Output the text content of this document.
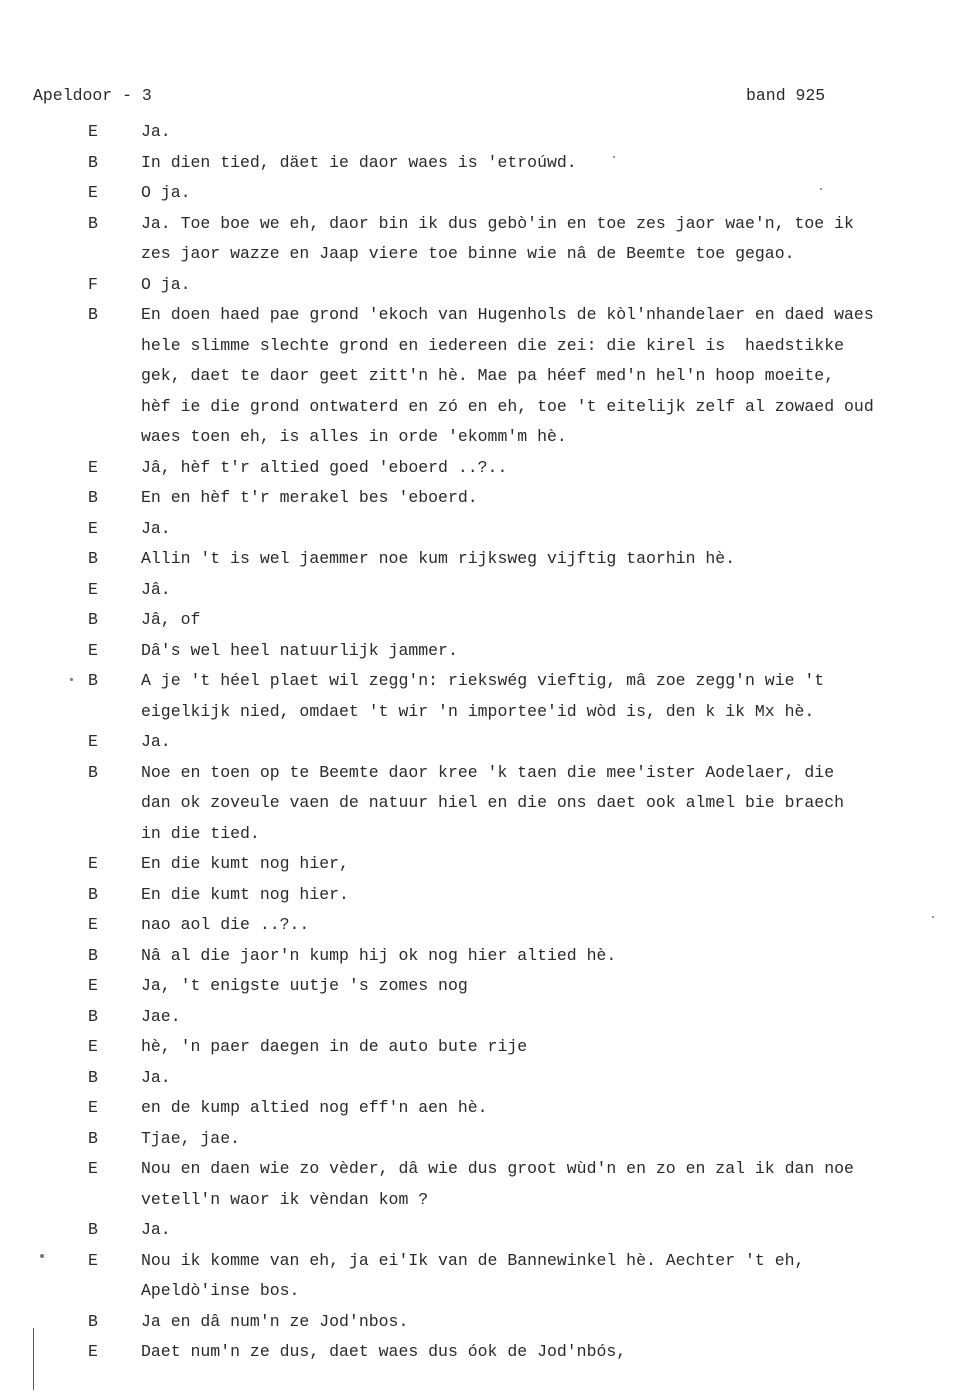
Apeldoor - 3	band 925
E	Ja.
B	In dien tied, däet ie daor waes is 'etroúwd.
E	O ja.
B	Ja. Toe boe we eh, daor bin ik dus gebò'in en toe zes jaor wae'n, toe ik
zes jaor wazze en Jaap viere toe binne wie nâ de Beemte toe gegao.
F	O ja.
B	En doen haed pae grond 'ekoch van Hugenhols de kòl'nhandelaer en daed waes
hele slimme slechte grond en iedereen die zei: die kirel is  haedstikke
gek, daet te daor geet zitt'n hè. Mae pa héef med'n hel'n hoop moeite,
hèf ie die grond ontwaterd en zó en eh, toe 't eitelijk zelf al zowaed oud
waes toen eh, is alles in orde 'ekomm'm hè.
E	Jâ, hèf t'r altied goed 'eboerd ..?..
B	En en hèf t'r merakel bes 'eboerd.
E	Ja.
B	Allin 't is wel jaemmer noe kum rijksweg vijftig taorhin hè.
E	Jâ.
B	Jâ, of
E	Dâ's wel heel natuurlijk jammer.
B	A je 't héel plaet wil zegg'n: riekswég vieftig, mâ zoe zegg'n wie 't
eigelkijk nied, omdaet 't wir 'n importee'id wòd is, den k ik Mx hè.
E	Ja.
B	Noe en toen op te Beemte daor kree 'k taen die mee'ister Aodelaer, die
dan ok zoveule vaen de natuur hiel en die ons daet ook almel bie braech
in die tied.
E	En die kumt nog hier,
B	En die kumt nog hier.
E	nao aol die ..?..
B	Nâ al die jaor'n kump hij ok nog hier altied hè.
E	Ja, 't enigste uutje 's zomes nog
B	Jae.
E	hè, 'n paer daegen in de auto bute rije
B	Ja.
E	en de kump altied nog eff'n aen hè.
B	Tjae, jae.
E	Nou en daen wie zo vèder, dâ wie dus groot wùd'n en zo en zal ik dan noe
vetell'n waor ik vèndan kom ?
B	Ja.
E	Nou ik komme van eh, ja ei'Ik van de Bannewinkel hè. Aechter 't eh,
Apeldò'inse bos.
B	Ja en dâ num'n ze Jod'nbos.
E	Daet num'n ze dus, daet waes dus óok de Jod'nbós,
